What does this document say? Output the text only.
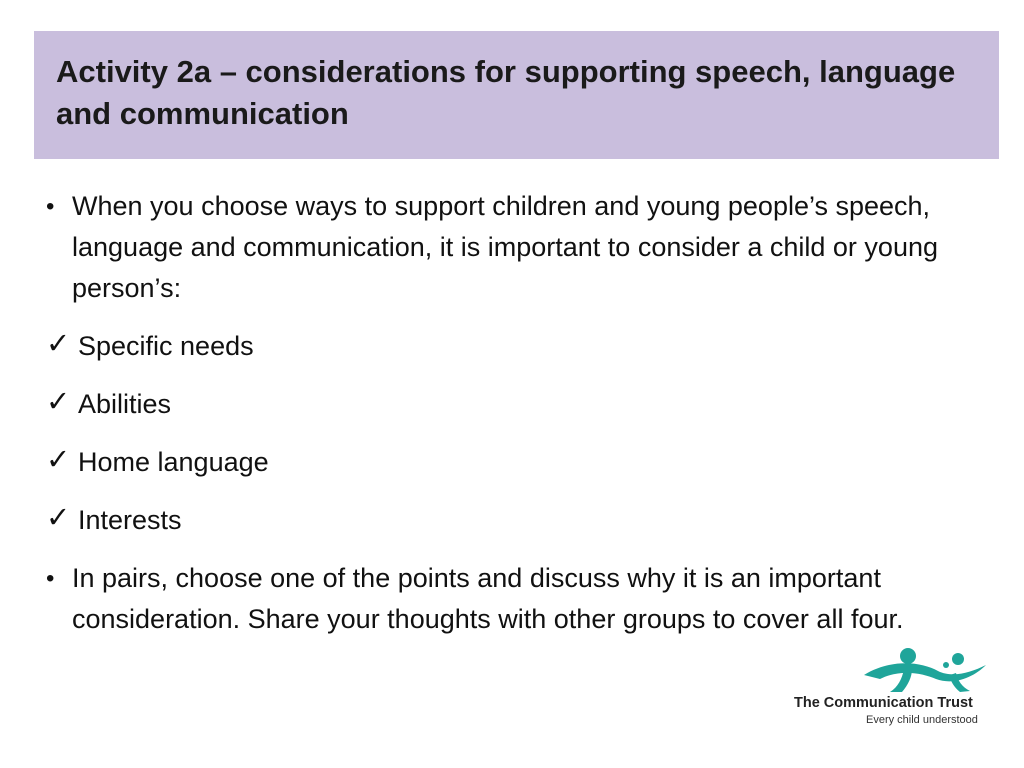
Activity 2a – considerations for supporting speech, language and communication
• When you choose ways to support children and young people’s speech, language and communication, it is important to consider a child or young person’s:
✓ Specific needs
✓ Abilities
✓ Home language
✓ Interests
• In pairs, choose one of the points and discuss why it is an important consideration. Share your thoughts with other groups to cover all four.
The Communication Trust
Every child understood
